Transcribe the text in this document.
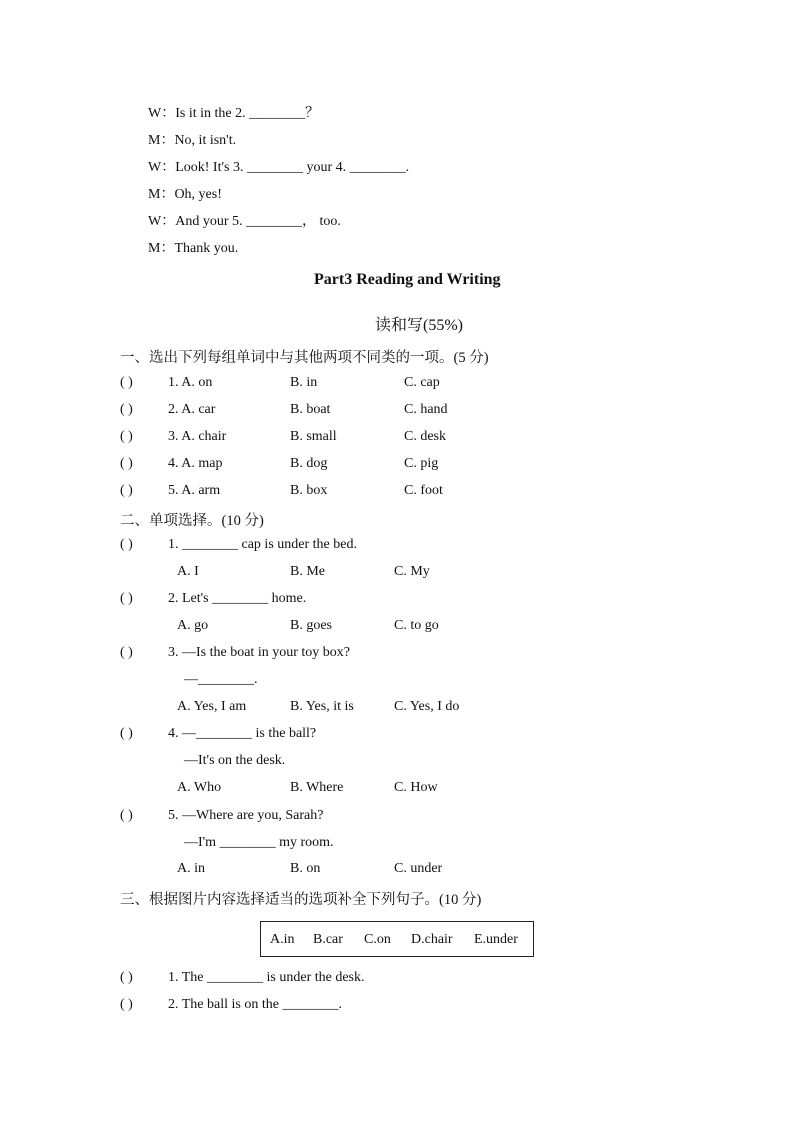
W：Is it in the 2. ________？
M：No, it isn't.
W：Look! It's 3. ________ your 4. ________.
M：Oh, yes!
W：And your 5. ________， too.
M：Thank you.
Part3 Reading and Writing
读和写(55%)
一、选出下列每组单词中与其他两项不同类的一项。(5 分)
( )	1. A. on	B. in	C. cap
( )	2. A. car	B. boat	C. hand
( )	3. A. chair	B. small	C. desk
( )	4. A. map	B. dog	C. pig
( )	5. A. arm	B. box	C. foot
二、单项选择。(10 分)
( )	1. ________ cap is under the bed.
A. I	B. Me	C. My
( )	2. Let's ________ home.
A. go	B. goes	C. to go
( )	3. —Is the boat in your toy box?
—________.
A. Yes, I am	B. Yes, it is	C. Yes, I do
( )	4. —________ is the ball?
—It's on the desk.
A. Who	B. Where	C. How
( )	5. —Where are you, Sarah?
—I'm ________ my room.
A. in	B. on	C. under
三、根据图片内容选择适当的选项补全下列句子。(10 分)
A.in B.car C.on D.chair E.under
( )	1. The ________ is under the desk.
( )	2. The ball is on the ________.
